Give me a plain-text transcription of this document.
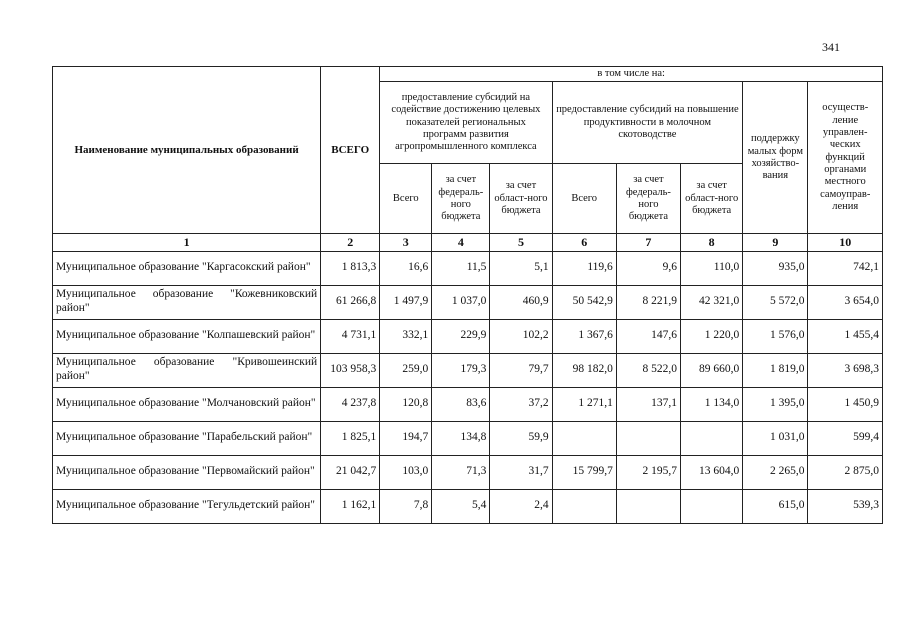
341
Наименование муниципальных образований	ВСЕГО	в том числе на:							
		предоставление субсидий на содействие достижению целевых показателей региональных программ развития агропромышленного комплекса			предоставление субсидий на повышение продуктивности в молочном скотоводстве			поддержку малых форм хозяйство-вания	осуществ-ление управлен-ческих функций органами местного самоуправ-ления
		Всего	за счет федераль-ного бюджета	за счет област-ного бюджета	Всего	за счет федераль-ного бюджета	за счет област-ного бюджета		
1	2	3	4	5	6	7	8	9	10
Муниципальное образование "Каргасокский район"	1 813,3	16,6	11,5	5,1	119,6	9,6	110,0	935,0	742,1
Муниципальное образование "Кожевниковский район"	61 266,8	1 497,9	1 037,0	460,9	50 542,9	8 221,9	42 321,0	5 572,0	3 654,0
Муниципальное образование "Колпашевский район"	4 731,1	332,1	229,9	102,2	1 367,6	147,6	1 220,0	1 576,0	1 455,4
Муниципальное образование "Кривошеинский район"	103 958,3	259,0	179,3	79,7	98 182,0	8 522,0	89 660,0	1 819,0	3 698,3
Муниципальное образование "Молчановский район"	4 237,8	120,8	83,6	37,2	1 271,1	137,1	1 134,0	1 395,0	1 450,9
Муниципальное образование "Парабельский район"	1 825,1	194,7	134,8	59,9				1 031,0	599,4
Муниципальное образование "Первомайский район"	21 042,7	103,0	71,3	31,7	15 799,7	2 195,7	13 604,0	2 265,0	2 875,0
Муниципальное образование "Тегульдетский район"	1 162,1	7,8	5,4	2,4				615,0	539,3
